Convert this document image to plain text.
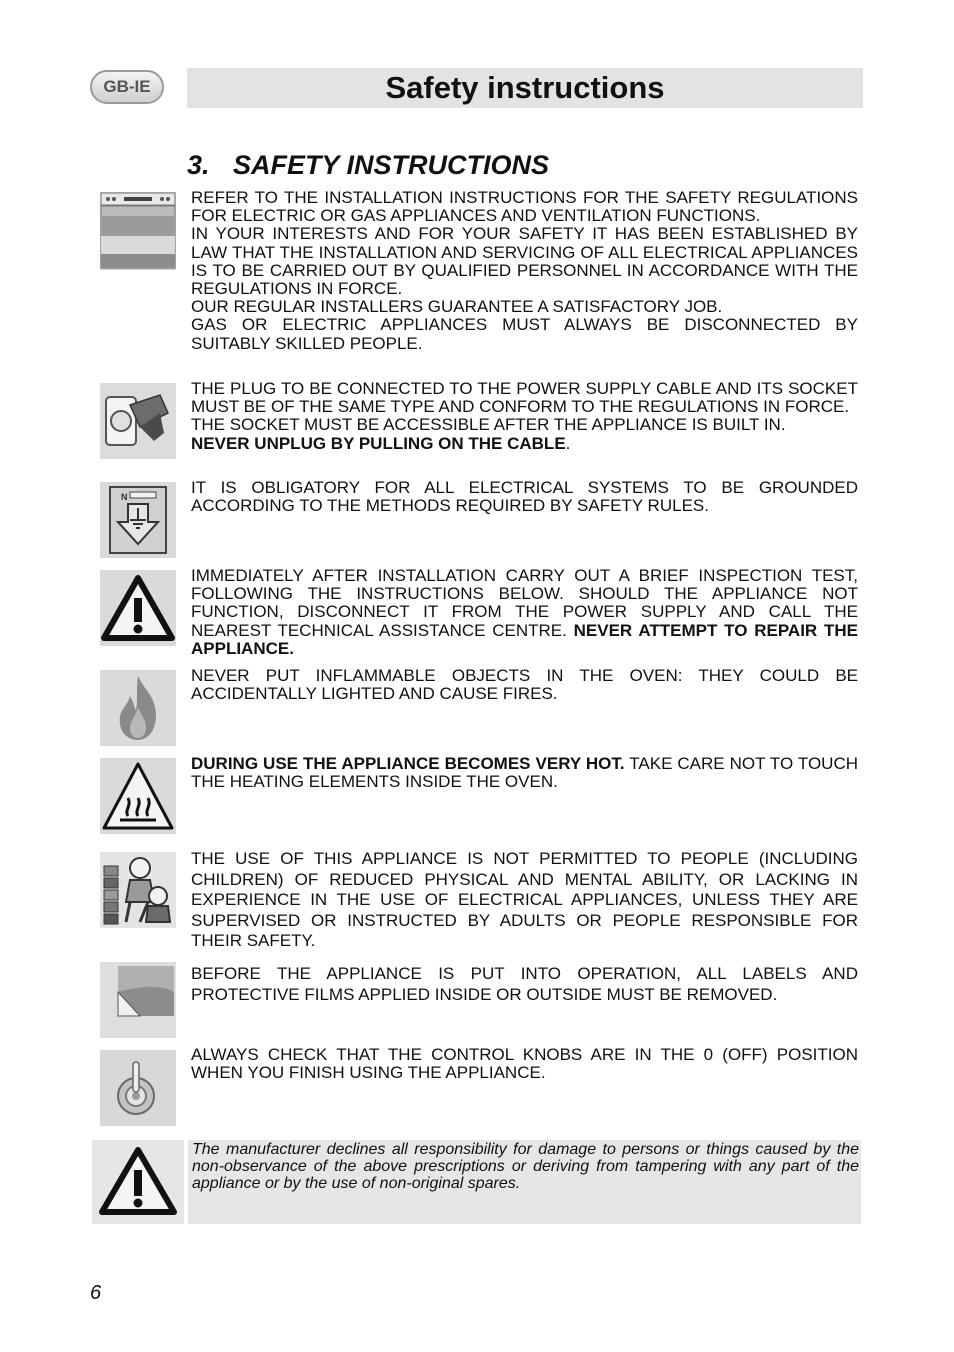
GB-IE	Safety instructions
3. SAFETY INSTRUCTIONS

REFER TO THE INSTALLATION INSTRUCTIONS FOR THE SAFETY REGULATIONS FOR ELECTRIC OR GAS APPLIANCES AND VENTILATION FUNCTIONS.

IN YOUR INTERESTS AND FOR YOUR SAFETY IT HAS BEEN ESTABLISHED BY LAW THAT THE INSTALLATION AND SERVICING OF ALL ELECTRICAL APPLIANCES IS TO BE CARRIED OUT BY QUALIFIED PERSONNEL IN ACCORDANCE WITH THE REGULATIONS IN FORCE.

OUR REGULAR INSTALLERS GUARANTEE A SATISFACTORY JOB.

GAS OR ELECTRIC APPLIANCES MUST ALWAYS BE DISCONNECTED BY SUITABLY SKILLED PEOPLE.

THE PLUG TO BE CONNECTED TO THE POWER SUPPLY CABLE AND ITS SOCKET MUST BE OF THE SAME TYPE AND CONFORM TO THE REGULATIONS IN FORCE.

THE SOCKET MUST BE ACCESSIBLE AFTER THE APPLIANCE IS BUILT IN.

NEVER UNPLUG BY PULLING ON THE CABLE.

N	IT IS OBLIGATORY FOR ALL ELECTRICAL SYSTEMS TO BE GROUNDED ACCORDING TO THE METHODS REQUIRED BY SAFETY RULES.
IMMEDIATELY AFTER INSTALLATION CARRY OUT A BRIEF INSPECTION TEST, FOLLOWING THE INSTRUCTIONS BELOW. SHOULD THE APPLIANCE NOT FUNCTION, DISCONNECT IT FROM THE POWER SUPPLY AND CALL THE NEAREST TECHNICAL ASSISTANCE CENTRE. NEVER ATTEMPT TO REPAIR THE APPLIANCE.
NEVER PUT INFLAMMABLE OBJECTS IN THE OVEN: THEY COULD BE ACCIDENTALLY LIGHTED AND CAUSE FIRES.
DURING USE THE APPLIANCE BECOMES VERY HOT. TAKE CARE NOT TO TOUCH THE HEATING ELEMENTS INSIDE THE OVEN.
THE USE OF THIS APPLIANCE IS NOT PERMITTED TO PEOPLE (INCLUDING CHILDREN) OF REDUCED PHYSICAL AND MENTAL ABILITY, OR LACKING IN EXPERIENCE IN THE USE OF ELECTRICAL APPLIANCES, UNLESS THEY ARE SUPERVISED OR INSTRUCTED BY ADULTS OR PEOPLE RESPONSIBLE FOR THEIR SAFETY.
BEFORE THE APPLIANCE IS PUT INTO OPERATION, ALL LABELS AND PROTECTIVE FILMS APPLIED INSIDE OR OUTSIDE MUST BE REMOVED.
ALWAYS CHECK THAT THE CONTROL KNOBS ARE IN THE 0 (OFF) POSITION WHEN YOU FINISH USING THE APPLIANCE.
The manufacturer declines all responsibility for damage to persons or things caused by the non-observance of the above prescriptions or deriving from tampering with any part of the appliance or by the use of non-original spares.
6
